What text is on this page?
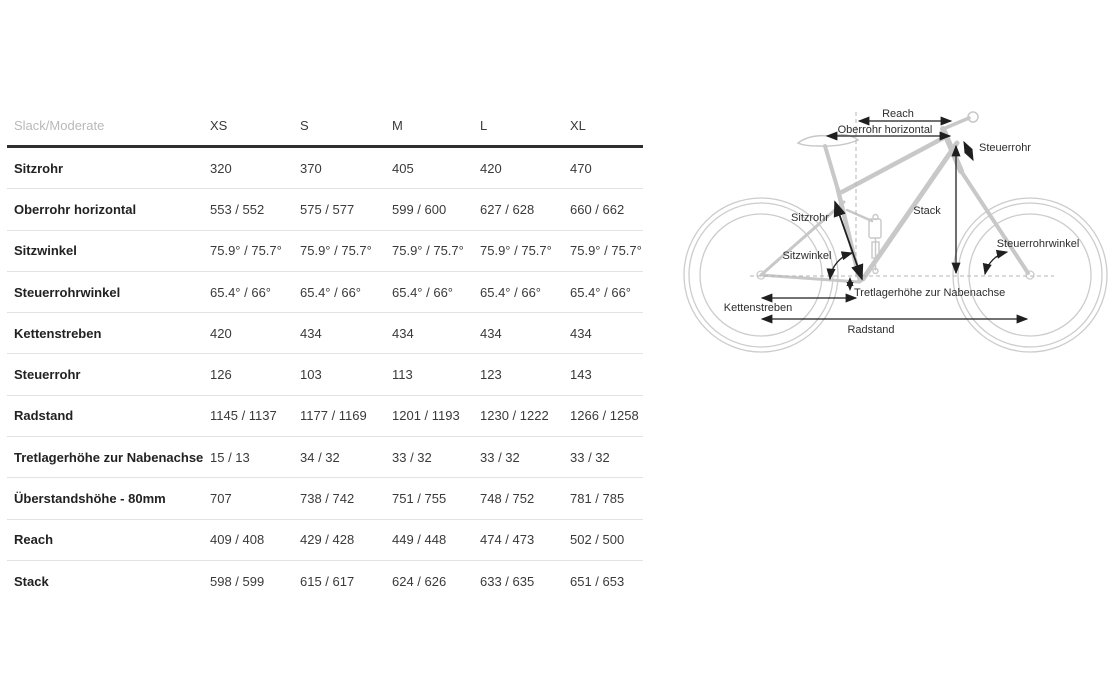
Slack/Moderate	XS	S	M	L	XL
Sitzrohr	320	370	405	420	470
Oberrohr horizontal	553 / 552	575 / 577	599 / 600	627 / 628	660 / 662
Sitzwinkel	75.9° / 75.7°	75.9° / 75.7°	75.9° / 75.7°	75.9° / 75.7°	75.9° / 75.7°
Steuerrohrwinkel	65.4° / 66°	65.4° / 66°	65.4° / 66°	65.4° / 66°	65.4° / 66°
Kettenstreben	420	434	434	434	434
Steuerrohr	126	103	113	123	143
Radstand	1145 / 1137	1177 / 1169	1201 / 1193	1230 / 1222	1266 / 1258
Tretlagerhöhe zur Nabenachse 15 / 13	34 / 32	33 / 32	33 / 32	33 / 32
Überstandshöhe - 80mm	707	738 / 742	751 / 755	748 / 752	781 / 785
Reach	409 / 408	429 / 428	449 / 448	474 / 473	502 / 500
Stack	598 / 599	615 / 617	624 / 626	633 / 635	651 / 653
Reach
Oberrohr horizontal
Steuerrohr
Stack
Sitzrohr
Sitzwinkel
Steuerrohrwinkel
Tretlagerhöhe zur Nabenachse
Kettenstreben
Radstand
